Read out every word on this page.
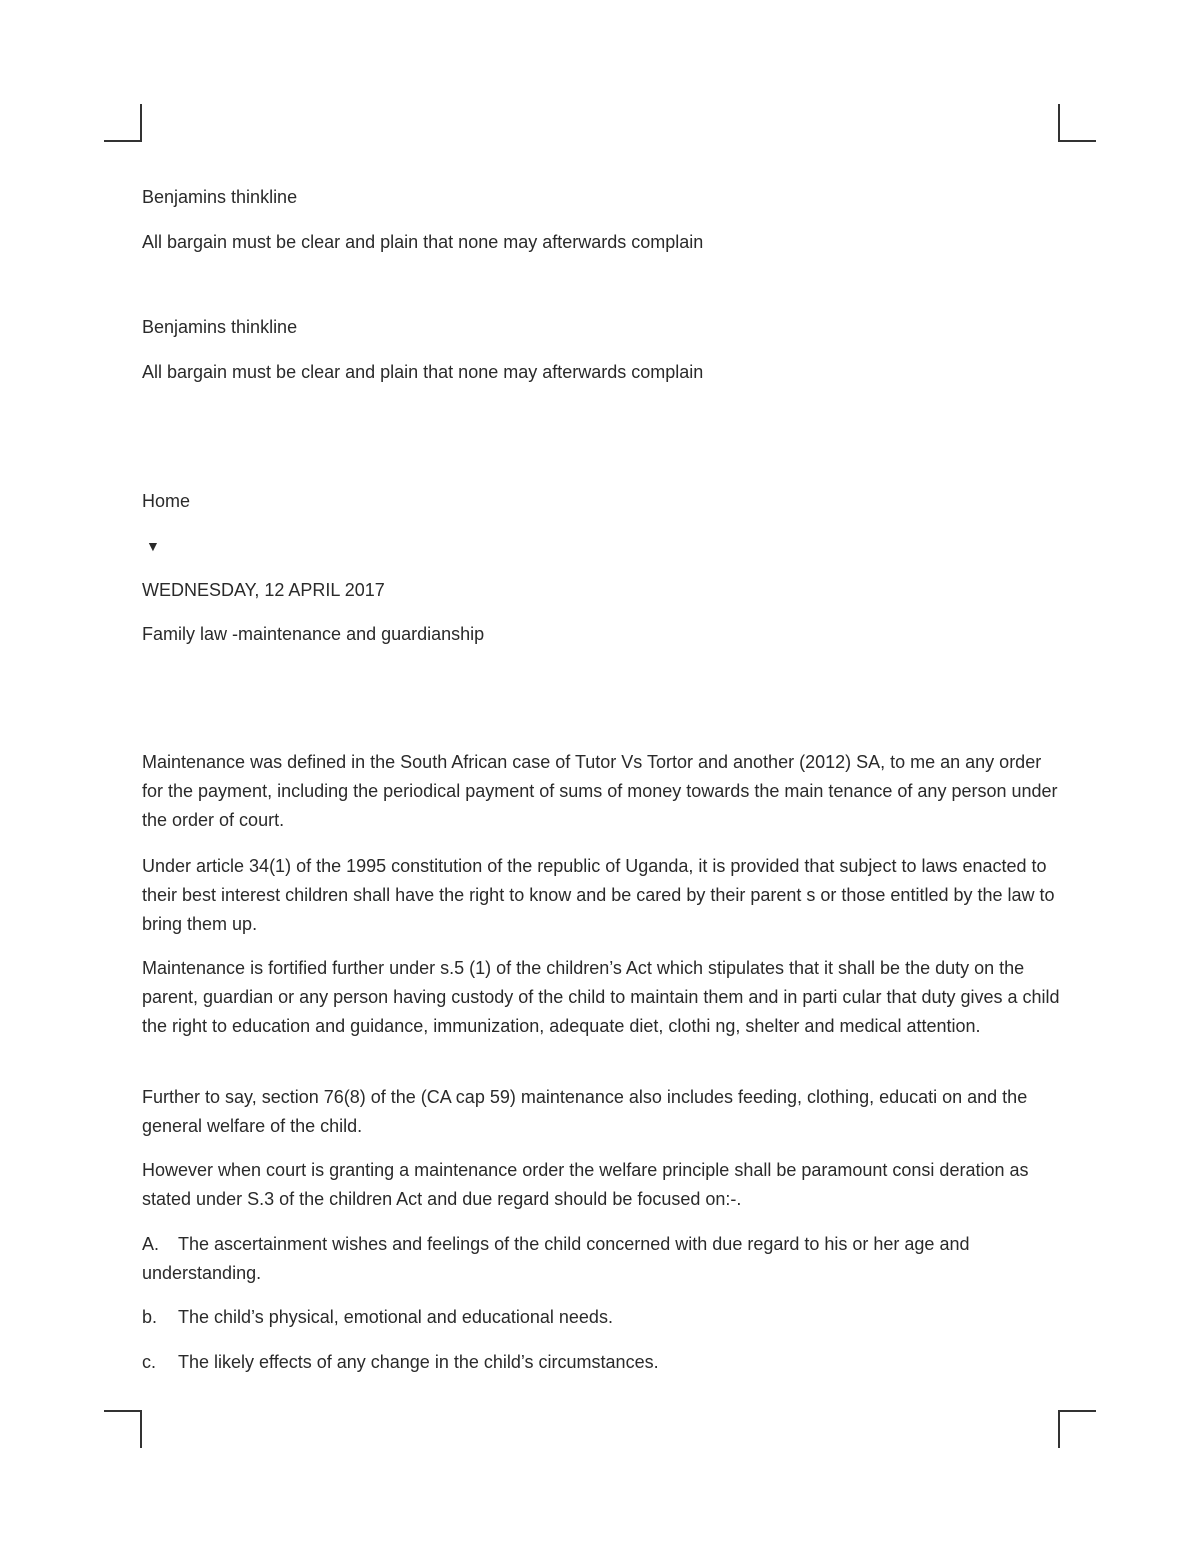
Benjamins thinkline
All bargain must be clear and plain that none may afterwards complain
Benjamins thinkline
All bargain must be clear and plain that none may afterwards complain
Home
▼
WEDNESDAY, 12 APRIL 2017
Family law -maintenance and guardianship

Maintenance was defined in the South African case of Tutor Vs Tortor and another (2012) SA, to me an any order for the payment, including the periodical payment of sums of money towards the main tenance of any person under the order of court.

Under article 34(1) of the 1995 constitution of the republic of Uganda, it is provided that subject to laws enacted to their best interest children shall have the right to know and be cared by their parent s or those entitled by the law to bring them up.

Maintenance is fortified further under s.5 (1) of the children’s Act which stipulates that it shall be the duty on the parent, guardian or any person having custody of the child to maintain them and in parti cular that duty gives a child the right to education and guidance, immunization, adequate diet, clothi ng, shelter and medical attention.

Further to say, section 76(8) of the (CA cap 59) maintenance also includes feeding, clothing, educati on and the general welfare of the child.

However when court is granting a maintenance order the welfare principle shall be paramount consi deration as stated under S.3 of the children Act and due regard should be focused on:-.

A. The ascertainment wishes and feelings of the child concerned with due regard to his or her age and understanding.
b. The child’s physical, emotional and educational needs.
c. The likely effects of any change in the child’s circumstances.
